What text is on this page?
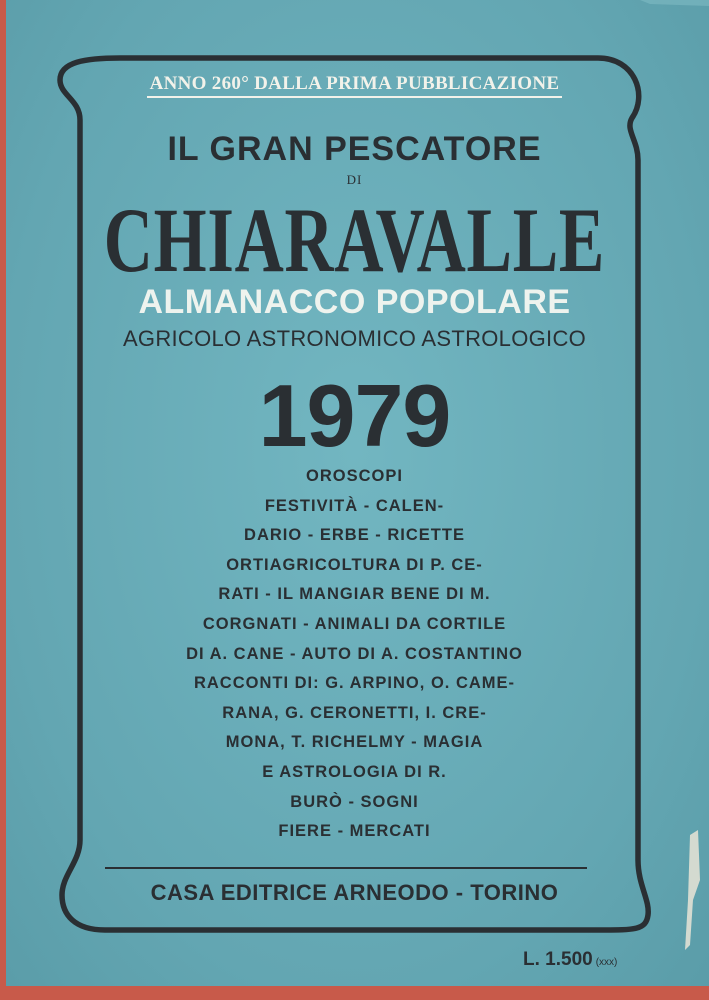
ANNO 260° DALLA PRIMA PUBBLICAZIONE
IL GRAN PESCATORE
DI
CHIARAVALLE
ALMANACCO POPOLARE
AGRICOLO ASTRONOMICO ASTROLOGICO
1979
OROSCOPI
FESTIVITÀ - CALEN-
DARIO - ERBE - RICETTE
ORTIAGRICOLTURA DI P. CE-
RATI - IL MANGIAR BENE DI M.
CORGNATI - ANIMALI DA CORTILE
DI A. CANE - AUTO DI A. COSTANTINO
RACCONTI DI: G. ARPINO, O. CAME-
RANA, G. CERONETTI, I. CRE-
MONA, T. RICHELMY - MAGIA
E ASTROLOGIA DI R.
BURÒ - SOGNI
FIERE - MERCATI
CASA EDITRICE ARNEODO - TORINO
L. 1.500 (xxx)
